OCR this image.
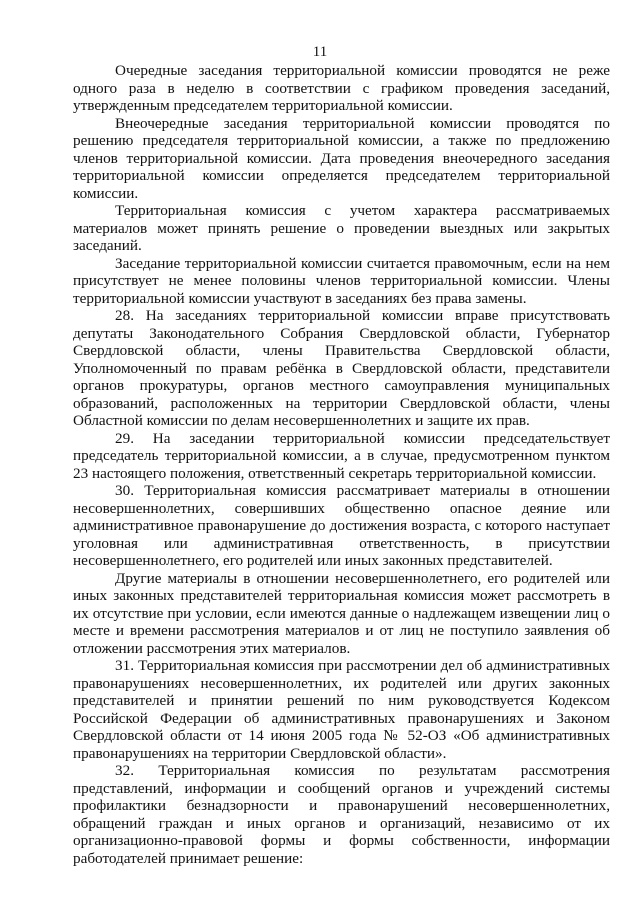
11

Очередные заседания территориальной комиссии проводятся не реже одного раза в неделю в соответствии с графиком проведения заседаний, утвержденным председателем территориальной комиссии.

Внеочередные заседания территориальной комиссии проводятся по решению председателя территориальной комиссии, а также по предложению членов территориальной комиссии. Дата проведения внеочередного заседания территориальной комиссии определяется председателем территориальной комиссии.

Территориальная комиссия с учетом характера рассматриваемых материалов может принять решение о проведении выездных или закрытых заседаний.

Заседание территориальной комиссии считается правомочным, если на нем присутствует не менее половины членов территориальной комиссии. Члены территориальной комиссии участвуют в заседаниях без права замены.

28. На заседаниях территориальной комиссии вправе присутствовать депутаты Законодательного Собрания Свердловской области, Губернатор Свердловской области, члены Правительства Свердловской области, Уполномоченный по правам ребёнка в Свердловской области, представители органов прокуратуры, органов местного самоуправления муниципальных образований, расположенных на территории Свердловской области, члены Областной комиссии по делам несовершеннолетних и защите их прав.

29. На заседании территориальной комиссии председательствует председатель территориальной комиссии, а в случае, предусмотренном пунктом 23 настоящего положения, ответственный секретарь территориальной комиссии.

30. Территориальная комиссия рассматривает материалы в отношении несовершеннолетних, совершивших общественно опасное деяние или административное правонарушение до достижения возраста, с которого наступает уголовная или административная ответственность, в присутствии несовершеннолетнего, его родителей или иных законных представителей.

Другие материалы в отношении несовершеннолетнего, его родителей или иных законных представителей территориальная комиссия может рассмотреть в их отсутствие при условии, если имеются данные о надлежащем извещении лиц о месте и времени рассмотрения материалов и от лиц не поступило заявления об отложении рассмотрения этих материалов.

31. Территориальная комиссия при рассмотрении дел об административных правонарушениях несовершеннолетних, их родителей или других законных представителей и принятии решений по ним руководствуется Кодексом Российской Федерации об административных правонарушениях и Законом Свердловской области от 14 июня 2005 года № 52-ОЗ «Об административных правонарушениях на территории Свердловской области».

32. Территориальная комиссия по результатам рассмотрения представлений, информации и сообщений органов и учреждений системы профилактики безнадзорности и правонарушений несовершеннолетних, обращений граждан и иных органов и организаций, независимо от их организационно-правовой формы и формы собственности, информации работодателей принимает решение:
